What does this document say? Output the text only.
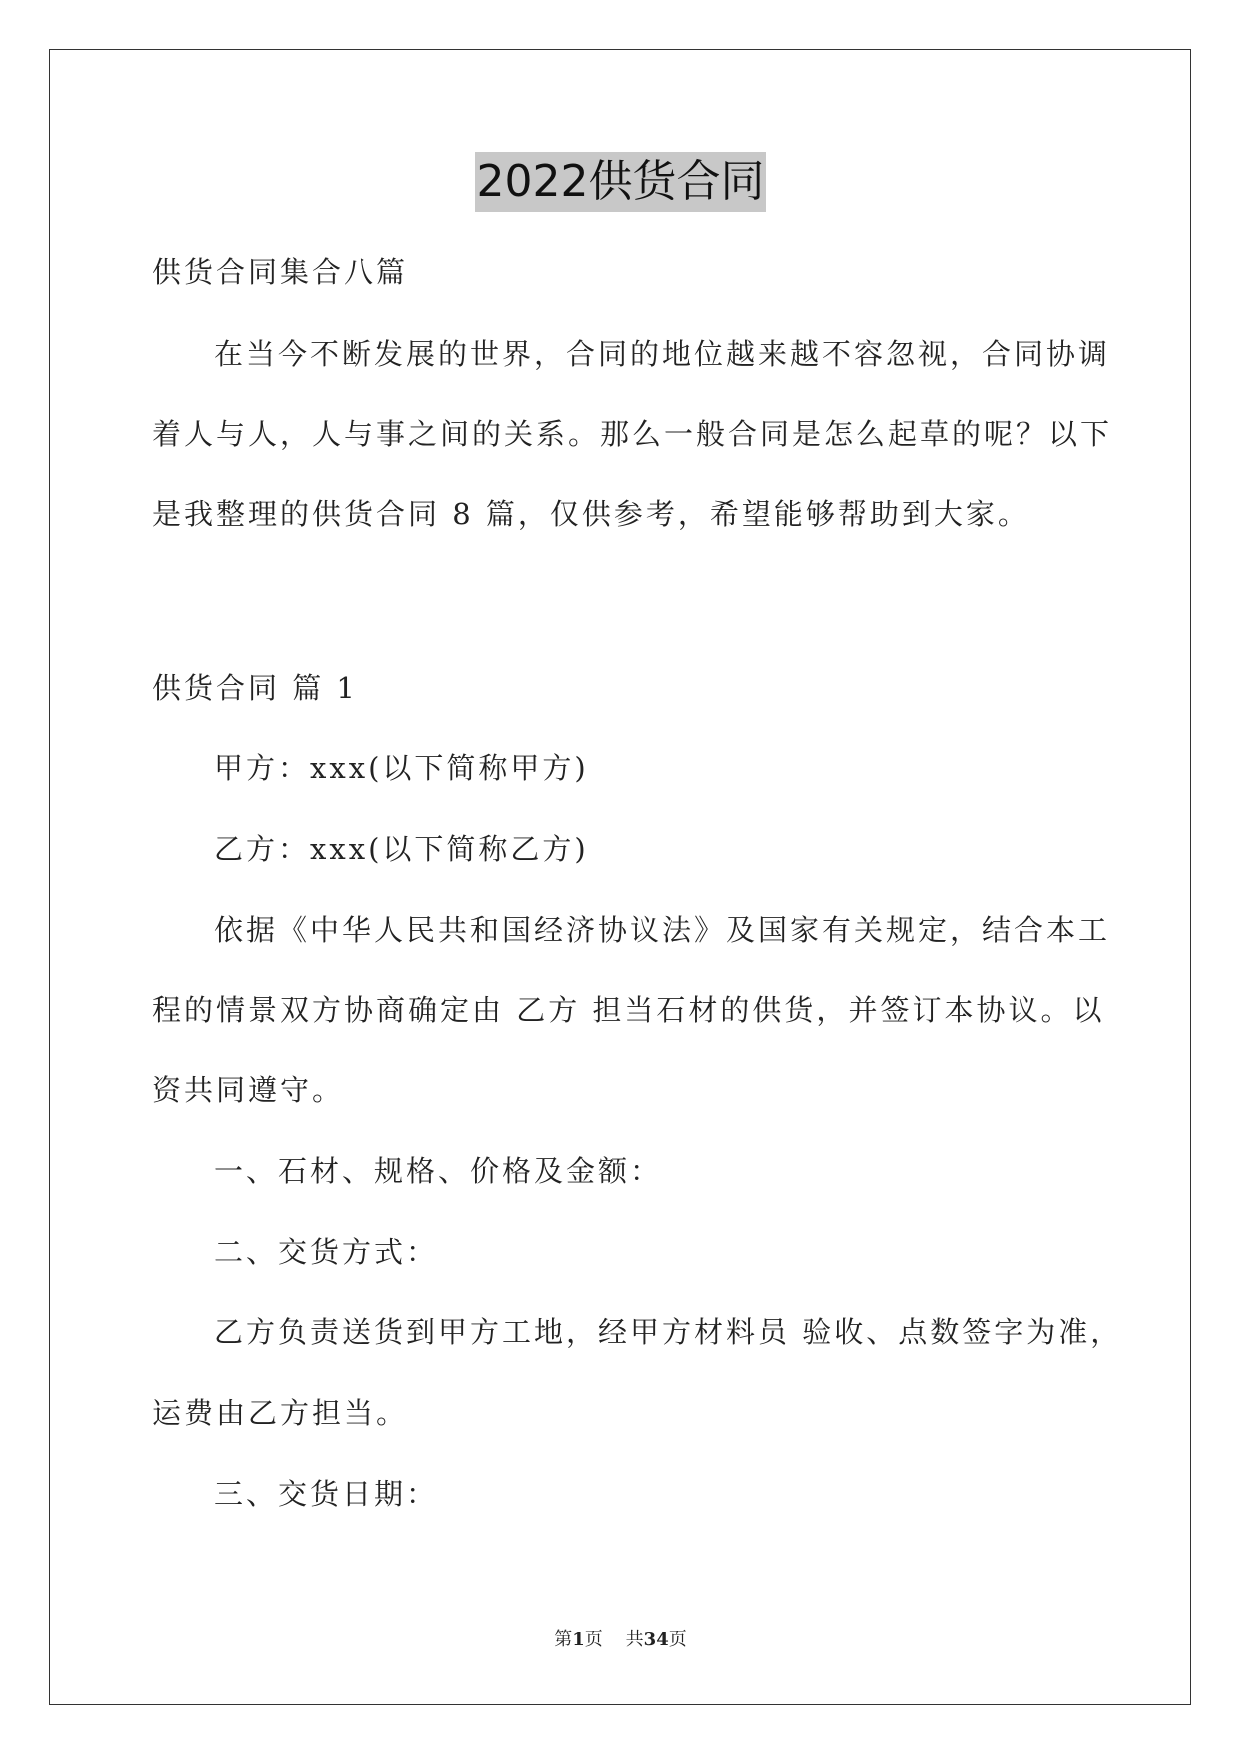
2022供货合同

供货合同集合八篇

在当今不断发展的世界，合同的地位越来越不容忽视，合同协调

着人与人，人与事之间的关系。那么一般合同是怎么起草的呢？以下

是我整理的供货合同 8 篇，仅供参考，希望能够帮助到大家。

供货合同 篇 1

甲方：xxx(以下简称甲方)

乙方：xxx(以下简称乙方)

依据《中华人民共和国经济协议法》及国家有关规定，结合本工

程的情景双方协商确定由 乙方 担当石材的供货，并签订本协议。以

资共同遵守。

一、石材、规格、价格及金额：

二、交货方式：

乙方负责送货到甲方工地，经甲方材料员 验收、点数签字为准，

运费由乙方担当。

三、交货日期：

第1页 共34页
